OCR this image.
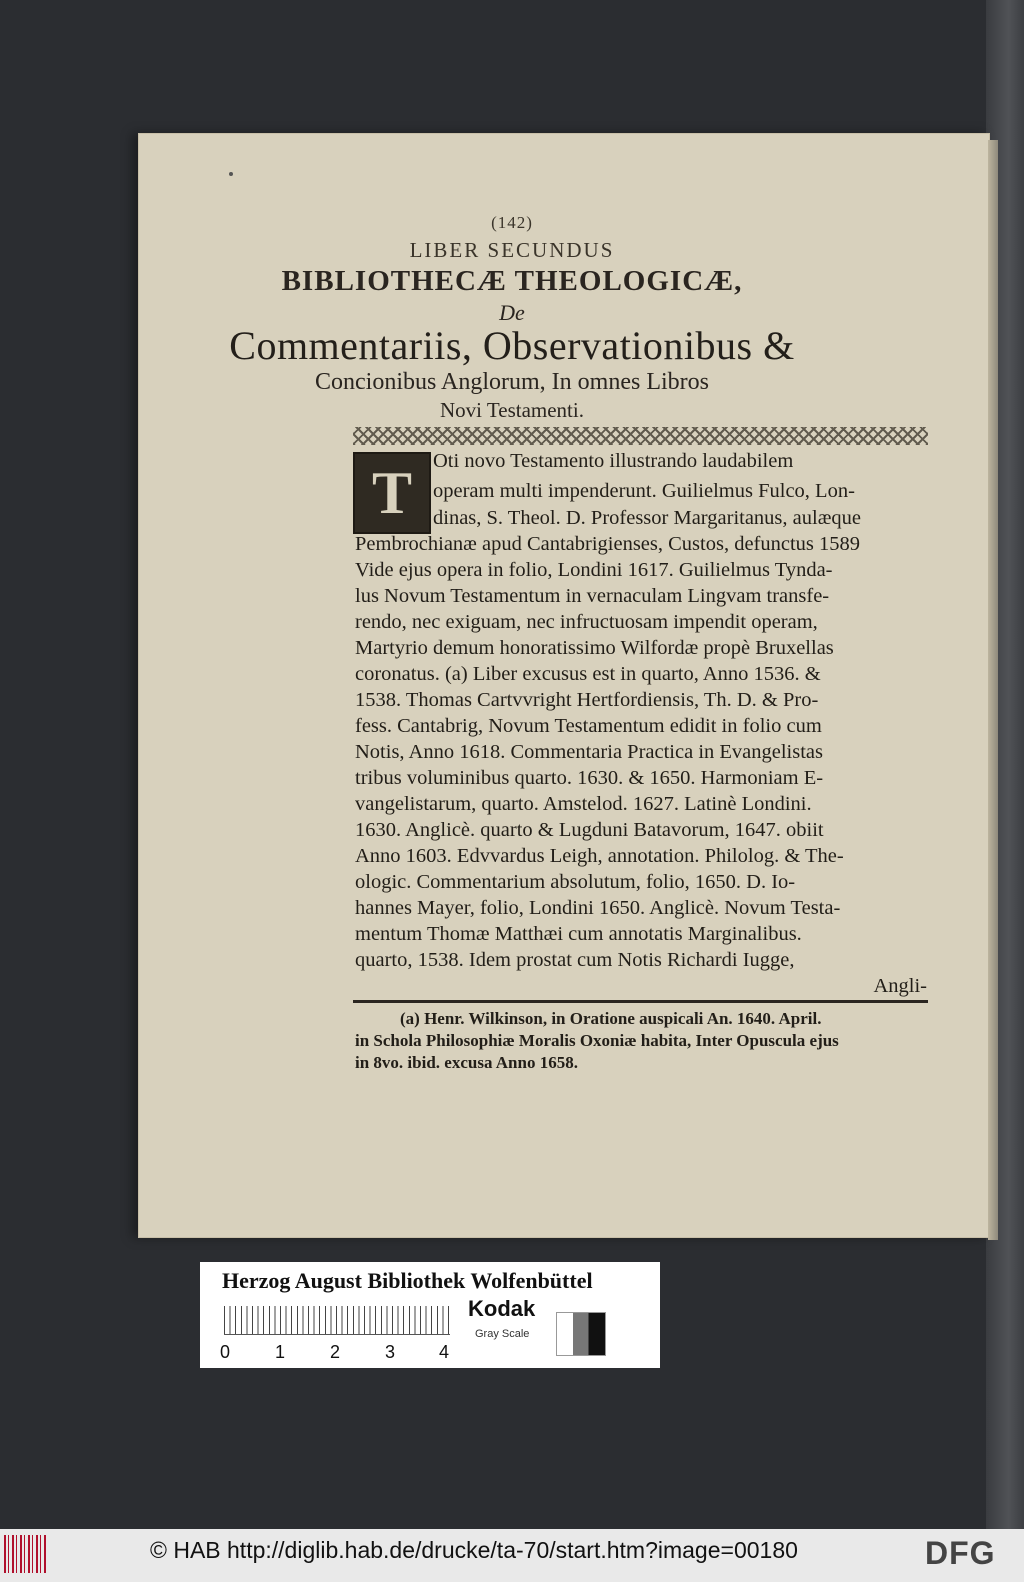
(142)
LIBER SECUNDUS
BIBLIOTHECÆ THEOLOGICÆ,
De
Commentariis, Observationibus &
Concionibus Anglorum, In omnes Libros
Novi Testamenti.
T	Oti novo Testamento illustrando laudabilem
operam multi impenderunt. Guilielmus Fulco, Lon-
dinas, S. Theol. D. Professor Margaritanus, aulæque
Pembrochianæ apud Cantabrigienses, Custos, defunctus 1589
Vide ejus opera in folio, Londini 1617. Guilielmus Tynda-
lus Novum Testamentum in vernaculam Lingvam transfe-
rendo, nec exiguam, nec infructuosam impendit operam,
Martyrio demum honoratissimo Wilfordæ propè Bruxellas
coronatus. (a) Liber excusus est in quarto, Anno 1536. &
1538. Thomas Cartvvright Hertfordiensis, Th. D. & Pro-
fess. Cantabrig, Novum Testamentum edidit in folio cum
Notis, Anno 1618. Commentaria Practica in Evangelistas
tribus voluminibus quarto. 1630. & 1650. Harmoniam E-
vangelistarum, quarto. Amstelod. 1627. Latinè Londini.
1630. Anglicè. quarto & Lugduni Batavorum, 1647. obiit
Anno 1603. Edvvardus Leigh, annotation. Philolog. & The-
ologic. Commentarium absolutum, folio, 1650. D. Io-
hannes Mayer, folio, Londini 1650. Anglicè. Novum Testa-
mentum Thomæ Matthæi cum annotatis Marginalibus.
quarto, 1538. Idem prostat cum Notis Richardi Iugge,
Angli-
(a) Henr. Wilkinson, in Oratione auspicali An. 1640. April.
in Schola Philosophiæ Moralis Oxoniæ habita, Inter Opuscula ejus
in 8vo. ibid. excusa Anno 1658.
Herzog August Bibliothek Wolfenbüttel
0 1 2 3 4
Kodak
Gray Scale
© HAB http://diglib.hab.de/drucke/ta-70/start.htm?image=00180	DFG
